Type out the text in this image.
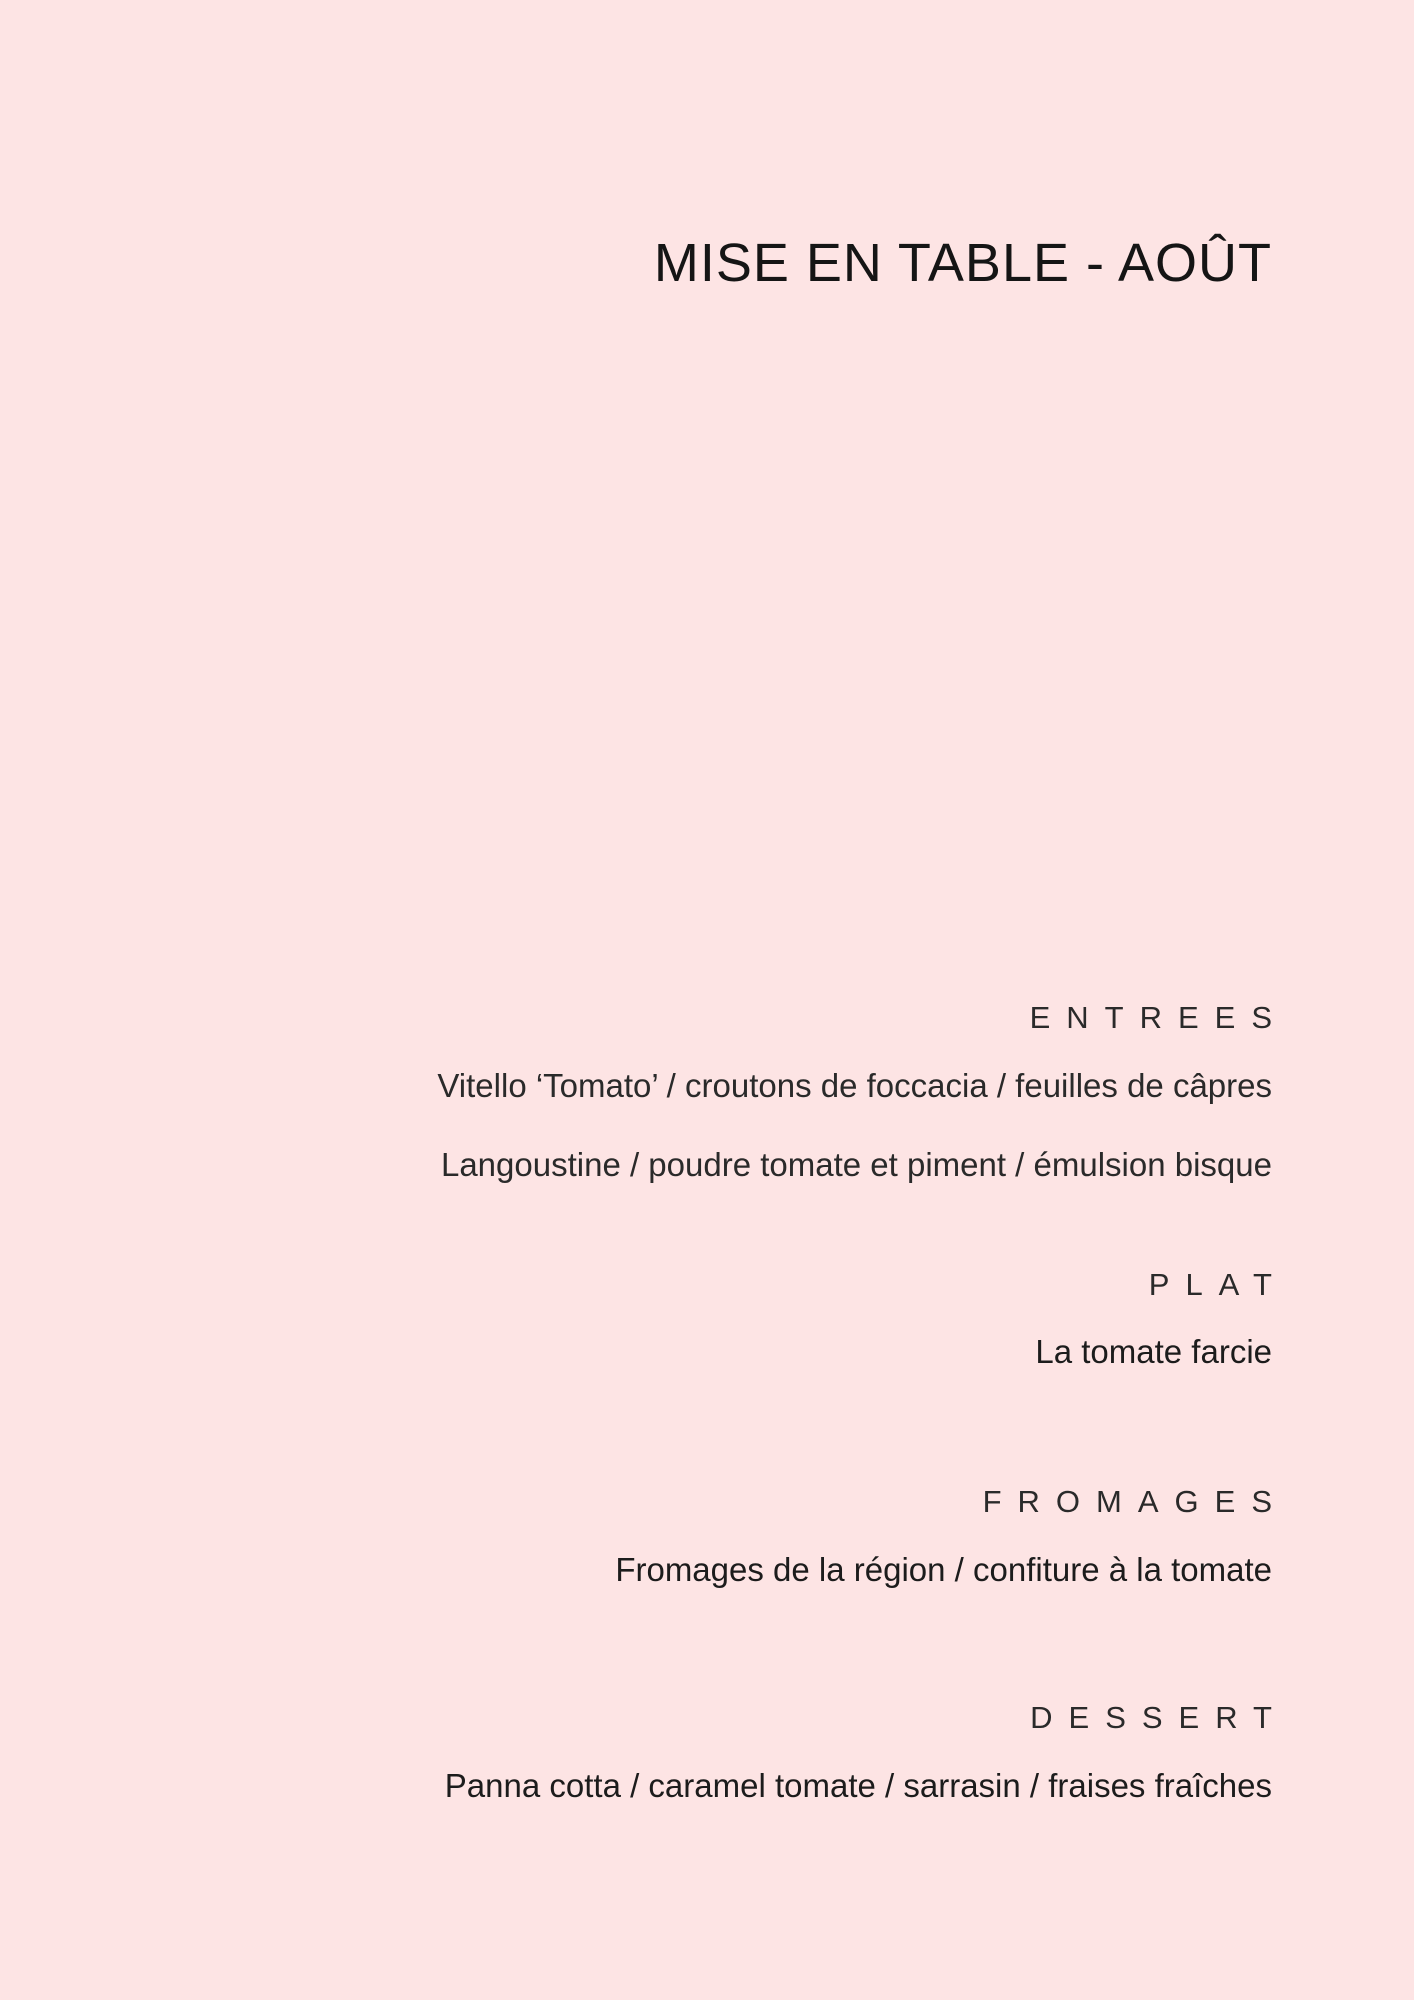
MISE EN TABLE - AOÛT
ENTREES
Vitello ‘Tomato’ / croutons de foccacia / feuilles de câpres
Langoustine / poudre tomate et piment / émulsion bisque
PLAT
La tomate farcie
FROMAGES
Fromages de la région / confiture à la tomate
DESSERT
Panna cotta / caramel tomate / sarrasin / fraises fraîches
